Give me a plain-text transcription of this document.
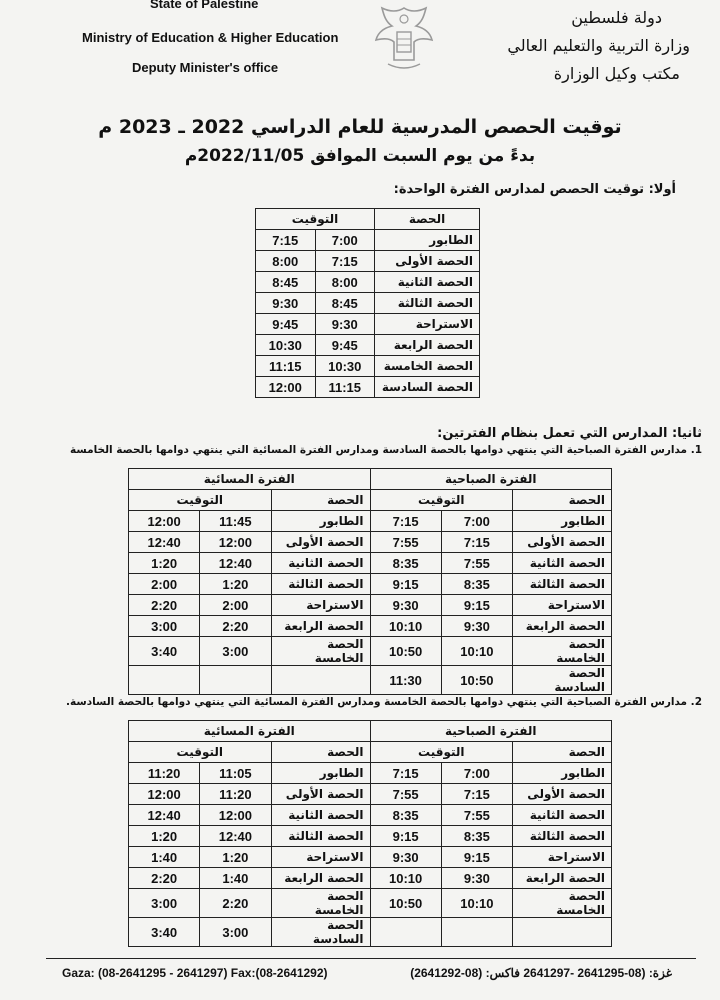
State of Palestine
Ministry of Education & Higher Education
Deputy Minister's office
دولة فلسطين
وزارة التربية والتعليم العالي
مكتب وكيل الوزارة
توقيت الحصص المدرسية للعام الدراسي 2022 ـ 2023 م
بدءً من يوم السبت الموافق 2022/11/05م
أولا: توقيت الحصص لمدارس الفترة الواحدة:
الحصة	التوقيت	
الطابور	7:00	7:15
الحصة الأولى	7:15	8:00
الحصة الثانية	8:00	8:45
الحصة الثالثة	8:45	9:30
الاستراحة	9:30	9:45
الحصة الرابعة	9:45	10:30
الحصة الخامسة	10:30	11:15
الحصة السادسة	11:15	12:00
ثانيا: المدارس التي تعمل بنظام الفترتين:
1. مدارس الفترة الصباحية التي ينتهي دوامها بالحصة السادسة ومدارس الفترة المسائية التي ينتهي دوامها بالحصة الخامسة
الفترة الصباحية			الفترة المسائية		
الحصة	التوقيت		الحصة	التوقيت	
الطابور	7:00	7:15	الطابور	11:45	12:00
الحصة الأولى	7:15	7:55	الحصة الأولى	12:00	12:40
الحصة الثانية	7:55	8:35	الحصة الثانية	12:40	1:20
الحصة الثالثة	8:35	9:15	الحصة الثالثة	1:20	2:00
الاستراحة	9:15	9:30	الاستراحة	2:00	2:20
الحصة الرابعة	9:30	10:10	الحصة الرابعة	2:20	3:00
الحصة الخامسة	10:10	10:50	الحصة الخامسة	3:00	3:40
الحصة السادسة	10:50	11:30			
2. مدارس الفترة الصباحية التي ينتهي دوامها بالحصة الخامسة ومدارس الفترة المسائية التي ينتهي دوامها بالحصة السادسة.
الفترة الصباحية			الفترة المسائية		
الحصة	التوقيت		الحصة	التوقيت	
الطابور	7:00	7:15	الطابور	11:05	11:20
الحصة الأولى	7:15	7:55	الحصة الأولى	11:20	12:00
الحصة الثانية	7:55	8:35	الحصة الثانية	12:00	12:40
الحصة الثالثة	8:35	9:15	الحصة الثالثة	12:40	1:20
الاستراحة	9:15	9:30	الاستراحة	1:20	1:40
الحصة الرابعة	9:30	10:10	الحصة الرابعة	1:40	2:20
الحصة الخامسة	10:10	10:50	الحصة الخامسة	2:20	3:00
			الحصة السادسة	3:00	3:40
Gaza: (08-2641295 - 2641297) Fax:(08-2641292)	غزة: (08-2641295 -2641297 فاكس: (08-2641292)
